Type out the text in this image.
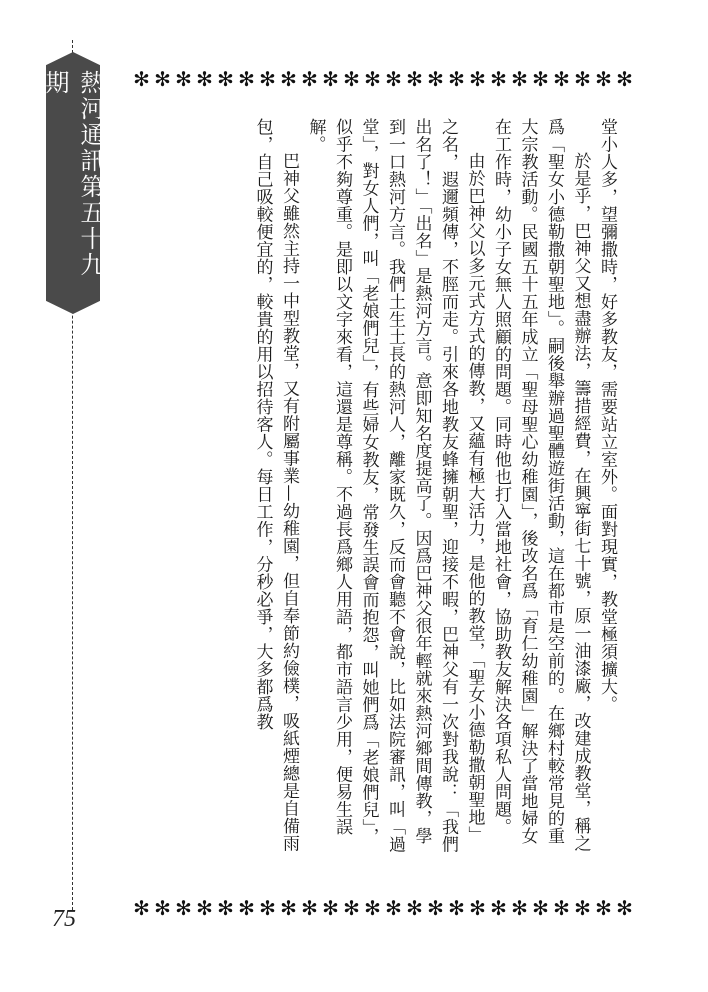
熱河通訊第五十九期
75
✻ ✻ ✻ ✻ ✻ ✻ ✻ ✻ ✻ ✻ ✻ ✻ ✻ ✻ ✻ ✻ ✻ ✻ ✻ ✻ ✻ ✻ ✻ ✻
✻ ✻ ✻ ✻ ✻ ✻ ✻ ✻ ✻ ✻ ✻ ✻ ✻ ✻ ✻ ✻ ✻ ✻ ✻ ✻ ✻ ✻ ✻ ✻

堂小人多，望彌撒時，好多教友，需要站立室外。面對現實，教堂極須擴大。

於是乎，巴神父又想盡辦法，籌措經費，在興寧街七十號，原一油漆廠，改建成教堂，稱之爲「聖女小德勒撒朝聖地」。嗣後舉辦過聖體遊街活動，這在都市是空前的。在鄉村較常見的重大宗教活動。民國五十五年成立「聖母聖心幼稚園」，後改名爲「育仁幼稚園」解決了當地婦女在工作時，幼小子女無人照顧的問題。同時他也打入當地社會，協助教友解決各項私人問題。

由於巴神父以多元式方式的傳教，又蘊有極大活力，是他的教堂，「聖女小德勒撒朝聖地」之名，遐邇頻傳，不脛而走。引來各地教友蜂擁朝聖，迎接不暇，巴神父有一次對我說：「我們出名了！」「出名」是熱河方言。意即知名度提高了。因爲巴神父很年輕就來熱河鄉間傳教，學到一口熱河方言。我們土生土長的熱河人，離家既久，反而會聽不會說，比如法院審訊，叫「過堂」，對女人們，叫「老娘們兒」，有些婦女教友，常發生誤會而抱怨，叫她們爲「老娘們兒」，似乎不夠尊重。是即以文字來看，這還是尊稱。不過長爲鄉人用語，都市語言少用，便易生誤解。

巴神父雖然主持一中型教堂，又有附屬事業—幼稚園，但自奉節約儉樸，吸紙煙總是自備雨包，自己吸較便宜的，較貴的用以招待客人。每日工作，分秒必爭，大多都爲教
